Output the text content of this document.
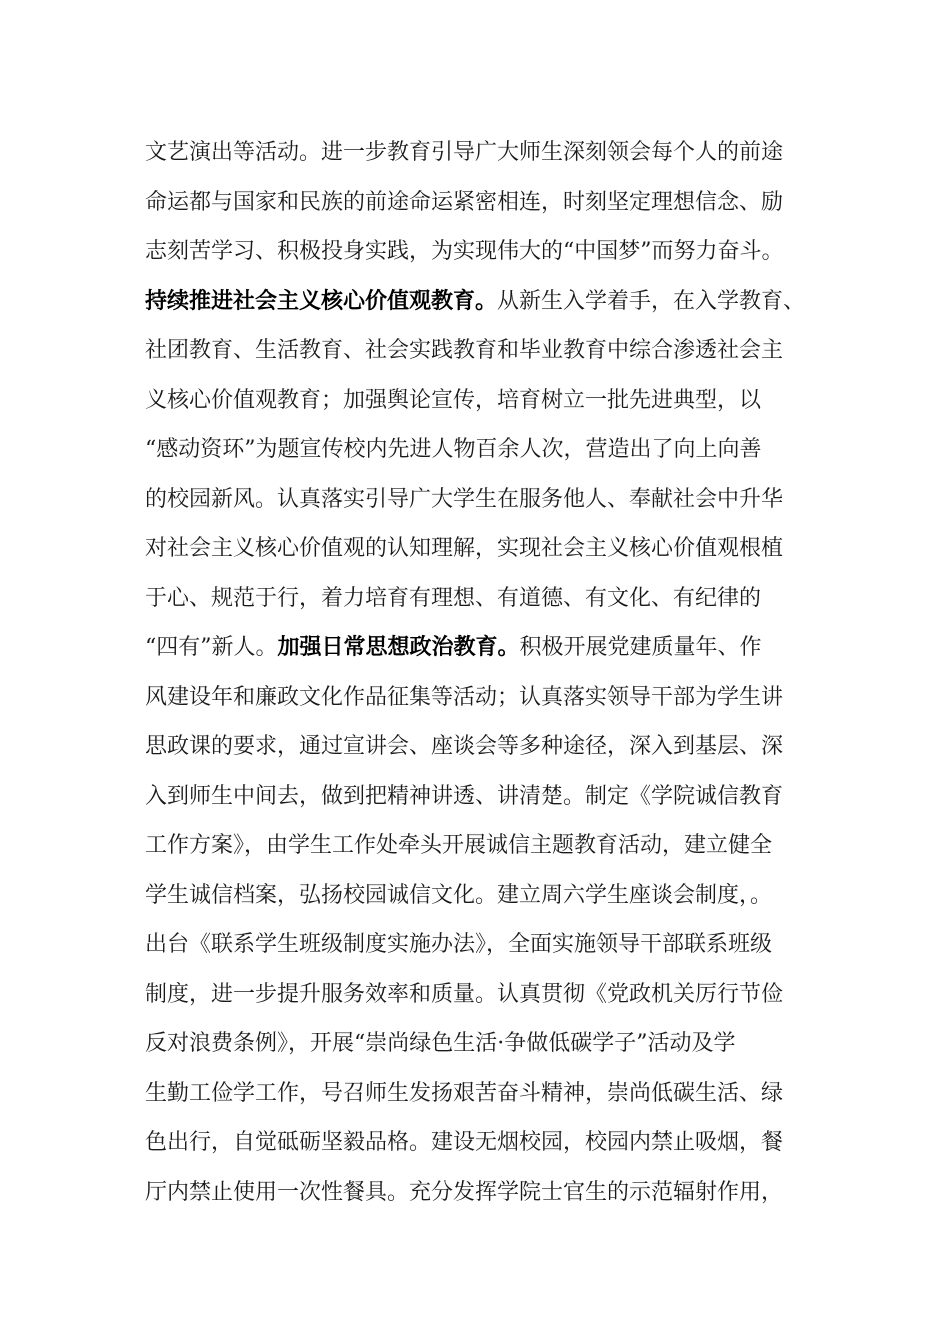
文艺演出等活动。进一步教育引导广大师生深刻领会每个人的前途
命运都与国家和民族的前途命运紧密相连，时刻坚定理想信念、励
志刻苦学习、积极投身实践，为实现伟大的“中国梦”而努力奋斗。
持续推进社会主义核心价值观教育。从新生入学着手，在入学教育、
社团教育、生活教育、社会实践教育和毕业教育中综合渗透社会主
义核心价值观教育；加强舆论宣传，培育树立一批先进典型，以
“感动资环”为题宣传校内先进人物百余人次，营造出了向上向善
的校园新风。认真落实引导广大学生在服务他人、奉献社会中升华
对社会主义核心价值观的认知理解，实现社会主义核心价值观根植
于心、规范于行，着力培育有理想、有道德、有文化、有纪律的
“四有”新人。加强日常思想政治教育。积极开展党建质量年、作
风建设年和廉政文化作品征集等活动；认真落实领导干部为学生讲
思政课的要求，通过宣讲会、座谈会等多种途径，深入到基层、深
入到师生中间去，做到把精神讲透、讲清楚。制定《学院诚信教育
工作方案》，由学生工作处牵头开展诚信主题教育活动，建立健全
学生诚信档案，弘扬校园诚信文化。建立周六学生座谈会制度，。
出台《联系学生班级制度实施办法》，全面实施领导干部联系班级
制度，进一步提升服务效率和质量。认真贯彻《党政机关厉行节俭
反对浪费条例》，开展“崇尚绿色生活·争做低碳学子”活动及学
生勤工俭学工作，号召师生发扬艰苦奋斗精神，崇尚低碳生活、绿
色出行，自觉砥砺坚毅品格。建设无烟校园，校园内禁止吸烟，餐
厅内禁止使用一次性餐具。充分发挥学院士官生的示范辐射作用，
